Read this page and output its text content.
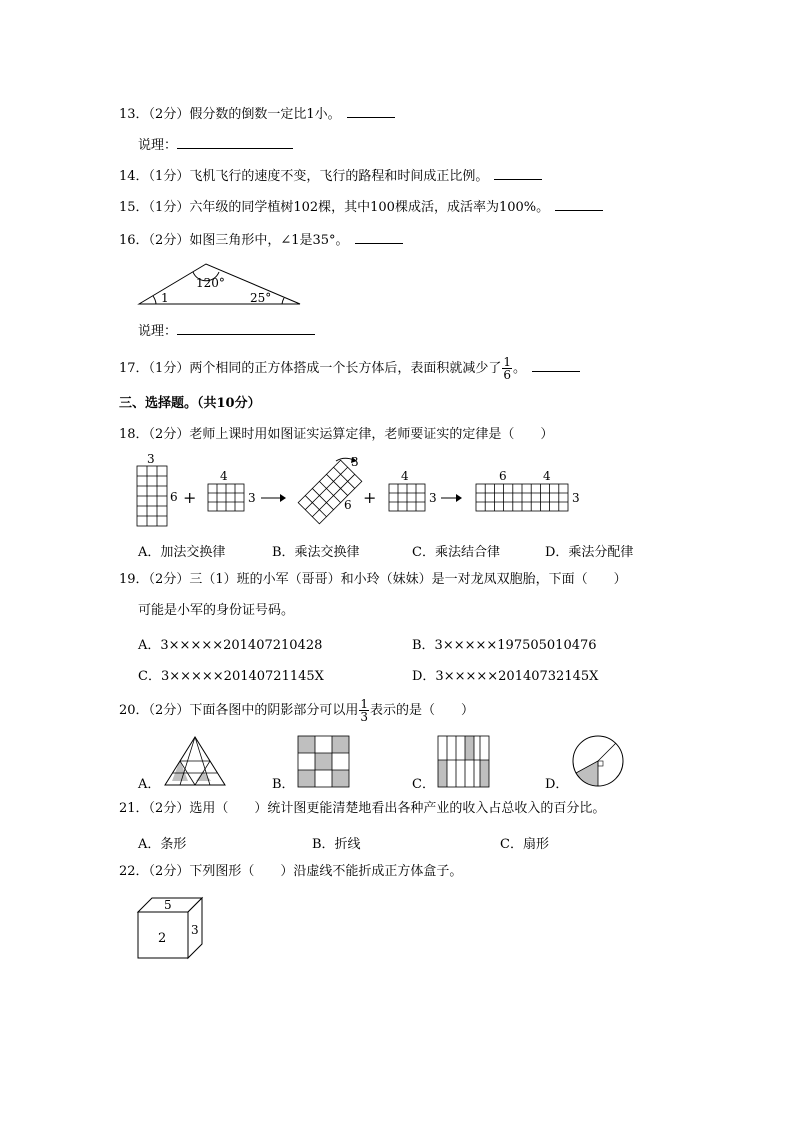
13．（2分）假分数的倒数一定比1小。
说理：
14．（1分）飞机飞行的速度不变，飞行的路程和时间成正比例。
15．（1分）六年级的同学植树102棵，其中100棵成活，成活率为100%。
16．（2分）如图三角形中，∠1是35°。
120°
1	25°
说理：
17．（1分）两个相同的正方体搭成一个长方体后，表面积就减少了 $\frac{1}{6}$ 。
三、选择题。（共10分）
18．（2分）老师上课时用如图证实运算定律，老师要证实的定律是（　　）
3
6 +
4
3
3
6 +
4
3
6	4
3
A．加法交换律	B．乘法交换律	C．乘法结合律	D．乘法分配律
19．（2分）三（1）班的小军（哥哥）和小玲（妹妹）是一对龙凤双胞胎，下面（　　）
可能是小军的身份证号码。
A．3×××××20140721042​8	B．3×××××197505010476
C．3×××××20140721145X	D．3×××××20140732145X
20．（2分）下面各图中的阴影部分可以用 $\frac{1}{3}$ 表示的是（　　）
A．	B．	C．	D．
21．（2分）选用（　　）统计图更能清楚地看出各种产业的收入占总收入的百分比。
A．条形	B．折线	C．扇形
22．（2分）下列图形（　　）沿虚线不能折成正方体盒子。
5
2
3
